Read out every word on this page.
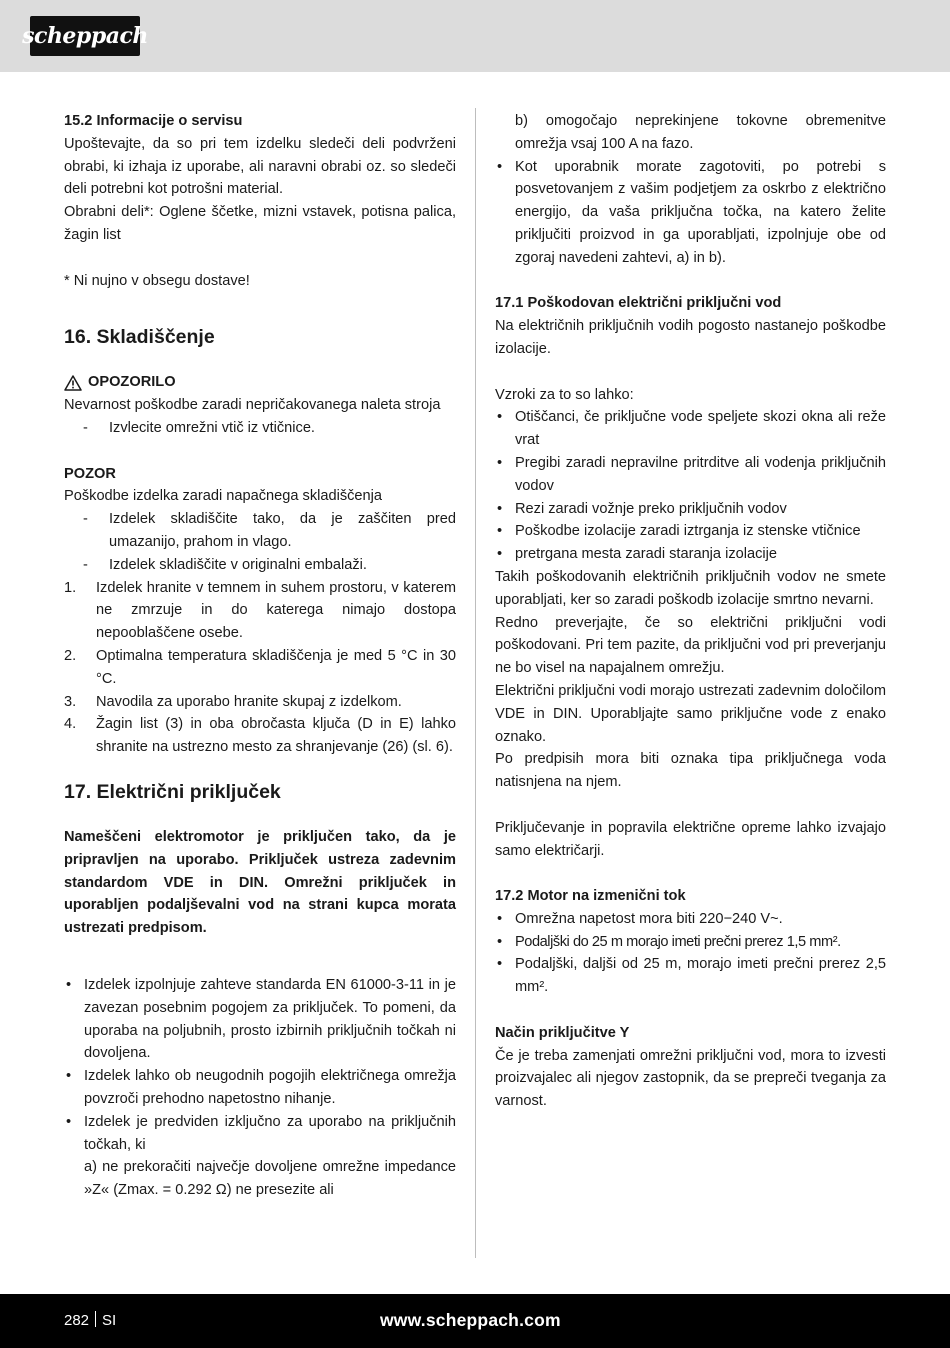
scheppach
15.2 Informacije o servisu
Upoštevajte, da so pri tem izdelku sledeči deli podvrženi obrabi, ki izhaja iz uporabe, ali naravni obrabi oz. so sledeči deli potrebni kot potrošni material.
Obrabni deli*: Oglene ščetke, mizni vstavek, potisna palica, žagin list
* Ni nujno v obsegu dostave!
16. Skladiščenje
OPOZORILO
Nevarnost poškodbe zaradi nepričakovanega naleta stroja
- Izvlecite omrežni vtič iz vtičnice.
POZOR
Poškodbe izdelka zaradi napačnega skladiščenja
- Izdelek skladiščite tako, da je zaščiten pred umazanijo, prahom in vlago.
- Izdelek skladiščite v originalni embalaži.
1. Izdelek hranite v temnem in suhem prostoru, v katerem ne zmrzuje in do katerega nimajo dostopa nepooblaščene osebe.
2. Optimalna temperatura skladiščenja je med 5 °C in 30 °C.
3. Navodila za uporabo hranite skupaj z izdelkom.
4. Žagin list (3) in oba obročasta ključa (D in E) lahko shranite na ustrezno mesto za shranjevanje (26) (sl. 6).
17. Električni priključek
Nameščeni elektromotor je priključen tako, da je pripravljen na uporabo. Priključek ustreza zadevnim standardom VDE in DIN. Omrežni priključek in uporabljen podaljševalni vod na strani kupca morata ustrezati predpisom.
• Izdelek izpolnjuje zahteve standarda EN 61000-3-11 in je zavezan posebnim pogojem za priključek. To pomeni, da uporaba na poljubnih, prosto izbirnih priključnih točkah ni dovoljena.
• Izdelek lahko ob neugodnih pogojih električnega omrežja povzroči prehodno napetostno nihanje.
• Izdelek je predviden izključno za uporabo na priključnih točkah, ki
a) ne prekoračiti največje dovoljene omrežne impedance »Z« (Zmax. = 0.292 Ω) ne presezite ali
b) omogočajo neprekinjene tokovne obremenitve omrežja vsaj 100 A na fazo.
• Kot uporabnik morate zagotoviti, po potrebi s posvetovanjem z vašim podjetjem za oskrbo z električno energijo, da vaša priključna točka, na katero želite priključiti proizvod in ga uporabljati, izpolnjuje obe od zgoraj navedeni zahtevi, a) in b).
17.1 Poškodovan električni priključni vod
Na električnih priključnih vodih pogosto nastanejo poškodbe izolacije.
Vzroki za to so lahko:
• Otiščanci, če priključne vode speljete skozi okna ali reže vrat
• Pregibi zaradi nepravilne pritrditve ali vodenja priključnih vodov
• Rezi zaradi vožnje preko priključnih vodov
• Poškodbe izolacije zaradi iztrganja iz stenske vtičnice
• pretrgana mesta zaradi staranja izolacije
Takih poškodovanih električnih priključnih vodov ne smete uporabljati, ker so zaradi poškodb izolacije smrtno nevarni.
Redno preverjajte, če so električni priključni vodi poškodovani. Pri tem pazite, da priključni vod pri preverjanju ne bo visel na napajalnem omrežju.
Električni priključni vodi morajo ustrezati zadevnim določilom VDE in DIN. Uporabljajte samo priključne vode z enako oznako.
Po predpisih mora biti oznaka tipa priključnega voda natisnjena na njem.
Priključevanje in popravila električne opreme lahko izvajajo samo električarji.
17.2 Motor na izmenični tok
• Omrežna napetost mora biti 220−240 V~.
• Podaljški do 25 m morajo imeti prečni prerez 1,5 mm².
• Podaljški, daljši od 25 m, morajo imeti prečni prerez 2,5 mm².
Način priključitve Y
Če je treba zamenjati omrežni priključni vod, mora to izvesti proizvajalec ali njegov zastopnik, da se prepreči tveganja za varnost.
282 SI	www.scheppach.com
